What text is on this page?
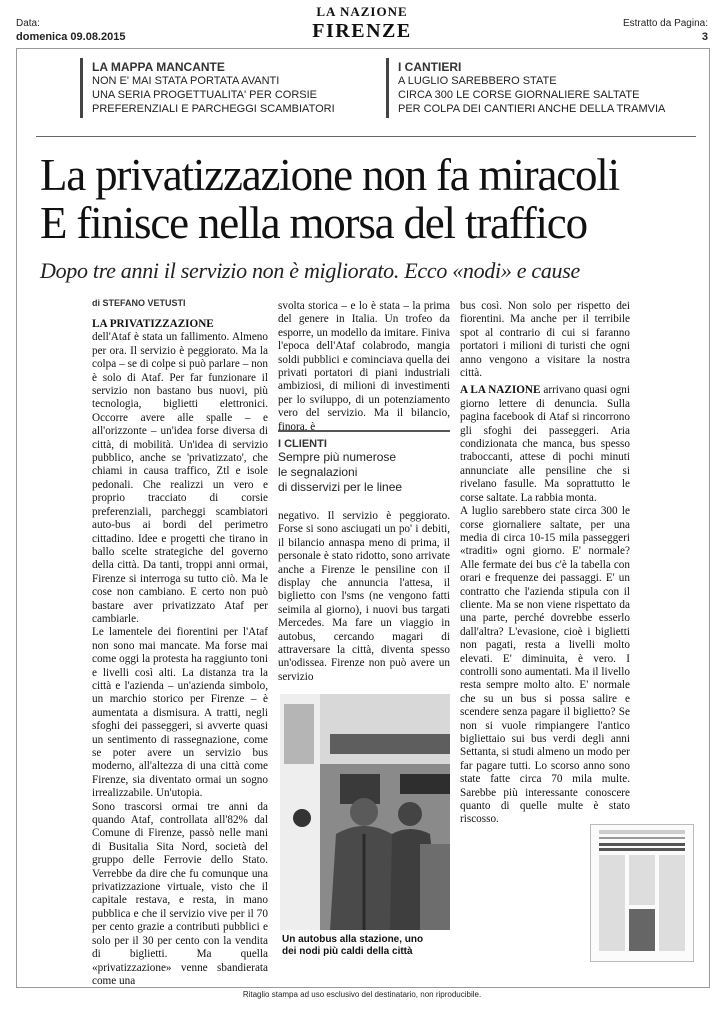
Data:
domenica 09.08.2015
LA NAZIONE
FIRENZE	Estratto da Pagina:
3
LA MAPPA MANCANTE
NON E' MAI STATA PORTATA AVANTI
UNA SERIA PROGETTUALITA' PER CORSIE
PREFERENZIALI E PARCHEGGI SCAMBIATORI
I CANTIERI
A LUGLIO SAREBBERO STATE
CIRCA 300 LE CORSE GIORNALIERE SALTATE
PER COLPA DEI CANTIERI ANCHE DELLA TRAMVIA
La privatizzazione non fa miracoli
E finisce nella morsa del traffico
Dopo tre anni il servizio non è migliorato. Ecco «nodi» e cause
di STEFANO VETUSTI

LA PRIVATIZZAZIONE
dell'Ataf è stata un fallimento. Almeno per ora. Il servizio è peggiorato. Ma la colpa – se di colpe si può parlare – non è solo di Ataf. Per far funzionare il servizio non bastano bus nuovi, più tecnologia, biglietti elettronici. Occorre avere alle spalle – e all'orizzonte – un'idea forse diversa di città, di mobilità. Un'idea di servizio pubblico, anche se 'privatizzato', che chiami in causa traffico, Ztl e isole pedonali. Che realizzi un vero e proprio tracciato di corsie preferenziali, parcheggi scambiatori auto-bus ai bordi del perimetro cittadino. Idee e progetti che tirano in ballo scelte strategiche del governo della città. Da tanti, troppi anni ormai, Firenze si interroga su tutto ciò. Ma le cose non cambiano. E certo non può bastare aver privatizzato Ataf per cambiarle.

Le lamentele dei fiorentini per l'Ataf non sono mai mancate. Ma forse mai come oggi la protesta ha raggiunto toni e livelli così alti. La distanza tra la città e l'azienda – un'azienda simbolo, un marchio storico per Firenze – è aumentata a dismisura. A tratti, negli sfoghi dei passeggeri, si avverte quasi un sentimento di rassegnazione, come se poter avere un servizio bus moderno, all'altezza di una città come Firenze, sia diventato ormai un sogno irrealizzabile. Un'utopia.

Sono trascorsi ormai tre anni da quando Ataf, controllata all'82% dal Comune di Firenze, passò nelle mani di Busitalia Sita Nord, società del gruppo delle Ferrovie dello Stato. Verrebbe da dire che fu comunque una privatizzazione virtuale, visto che il capitale restava, e resta, in mano pubblica e che il servizio vive per il 70 per cento grazie a contributi pubblici e solo per il 30 per cento con la vendita di biglietti. Ma quella «privatizzazione» venne sbandierata come una

svolta storica – e lo è stata – la prima del genere in Italia. Un trofeo da esporre, un modello da imitare. Finiva l'epoca dell'Ataf colabrodo, mangia soldi pubblici e cominciava quella dei privati portatori di piani industriali ambiziosi, di milioni di investimenti per lo sviluppo, di un potenziamento vero del servizio. Ma il bilancio, finora, è

I CLIENTI
Sempre più numerose
le segnalazioni
di disservizi per le linee

negativo. Il servizio è peggiorato. Forse si sono asciugati un po' i debiti, il bilancio annaspa meno di prima, il personale è stato ridotto, sono arrivate anche a Firenze le pensiline con il display che annuncia l'attesa, il biglietto con l'sms (ne vengono fatti seimila al giorno), i nuovi bus targati Mercedes. Ma fare un viaggio in autobus, cercando magari di attraversare la città, diventa spesso un'odissea. Firenze non può avere un servizio

Un autobus alla stazione, uno
dei nodi più caldi della città

bus così. Non solo per rispetto dei fiorentini. Ma anche per il terribile spot al contrario di cui si faranno portatori i milioni di turisti che ogni anno vengono a visitare la nostra città.

A LA NAZIONE arrivano quasi ogni giorno lettere di denuncia. Sulla pagina facebook di Ataf si rincorrono gli sfoghi dei passeggeri. Aria condizionata che manca, bus spesso traboccanti, attese di pochi minuti annunciate alle pensiline che si rivelano fasulle. Ma soprattutto le corse saltate. La rabbia monta.

A luglio sarebbero state circa 300 le corse giornaliere saltate, per una media di circa 10-15 mila passeggeri «traditi» ogni giorno. E' normale? Alle fermate dei bus c'è la tabella con orari e frequenze dei passaggi. E' un contratto che l'azienda stipula con il cliente. Ma se non viene rispettato da una parte, perché dovrebbe esserlo dall'altra? L'evasione, cioè i biglietti non pagati, resta a livelli molto elevati. E' diminuita, è vero. I controlli sono aumentati. Ma il livello resta sempre molto alto. E' normale che su un bus si possa salire e scendere senza pagare il biglietto? Se non si vuole rimpiangere l'antico bigliettaio sui bus verdi degli anni Settanta, si studi almeno un modo per far pagare tutti. Lo scorso anno sono state fatte circa 70 mila multe. Sarebbe più interessante conoscere quanto di quelle multe è stato riscosso.

Ritaglio stampa ad uso esclusivo del destinatario, non riproducibile.
